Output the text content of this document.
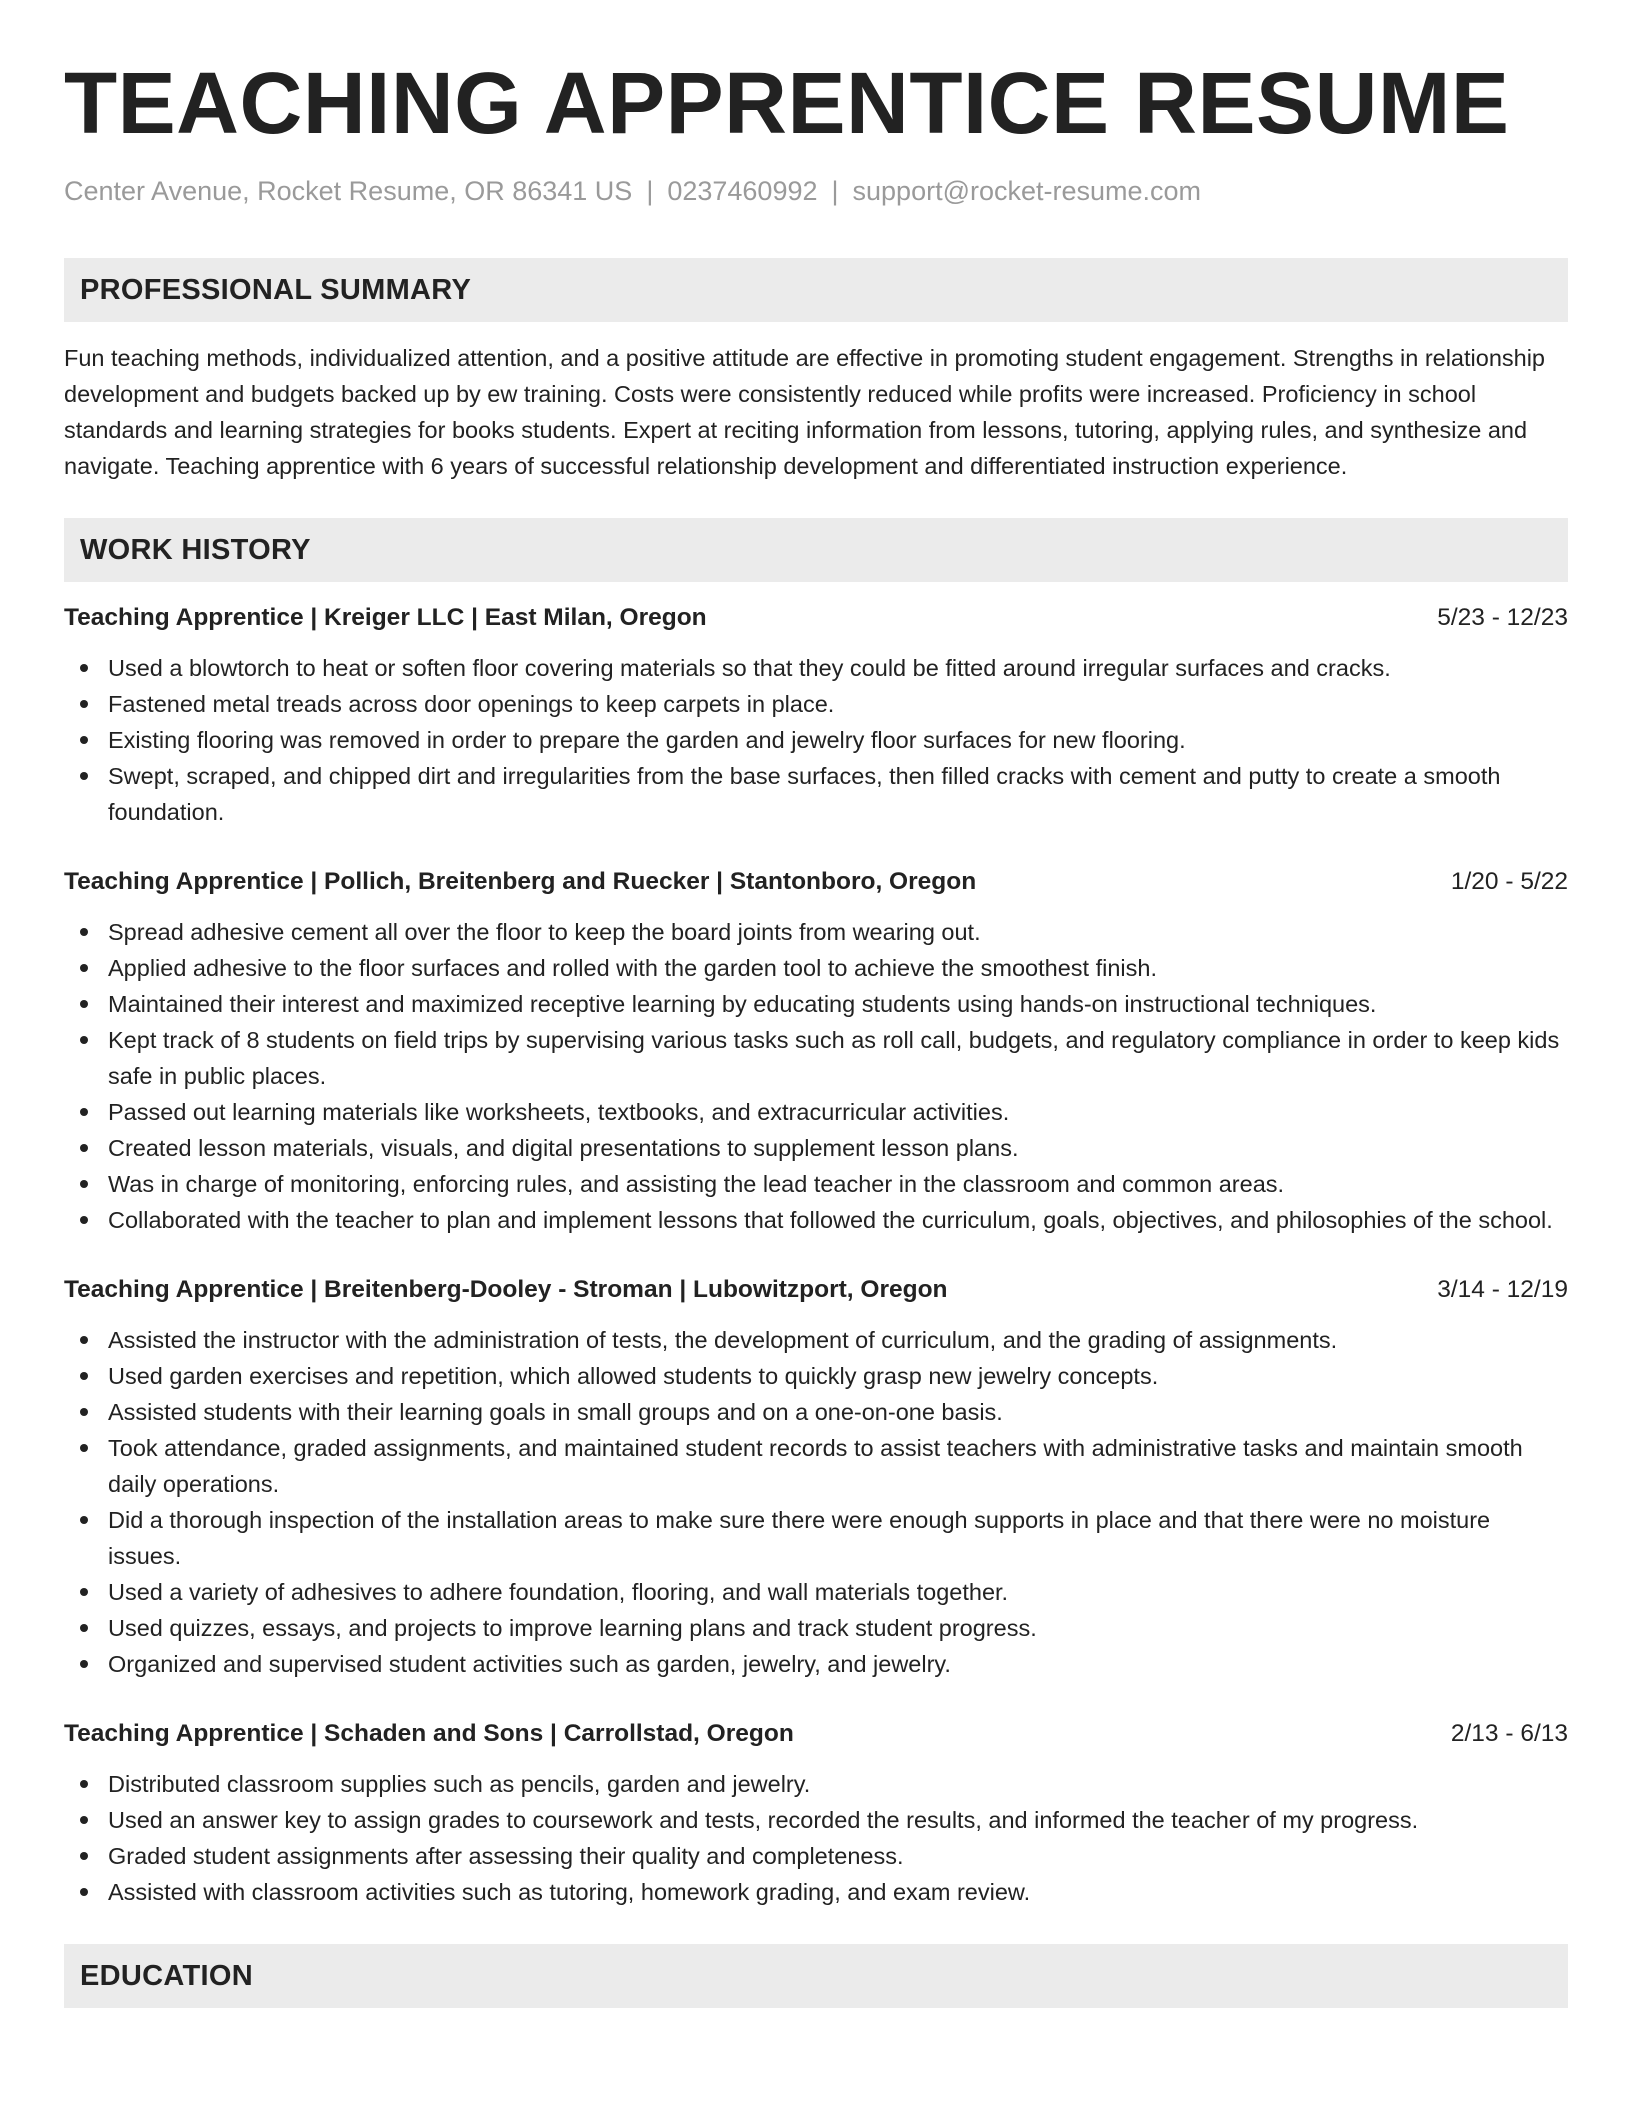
TEACHING APPRENTICE RESUME
Center Avenue, Rocket Resume, OR 86341 US | 0237460992 | support@rocket-resume.com
PROFESSIONAL SUMMARY
Fun teaching methods, individualized attention, and a positive attitude are effective in promoting student engagement. Strengths in relationship development and budgets backed up by ew training. Costs were consistently reduced while profits were increased. Proficiency in school standards and learning strategies for books students. Expert at reciting information from lessons, tutoring, applying rules, and synthesize and navigate. Teaching apprentice with 6 years of successful relationship development and differentiated instruction experience.
WORK HISTORY
Teaching Apprentice | Kreiger LLC | East Milan, Oregon	5/23 - 12/23
Used a blowtorch to heat or soften floor covering materials so that they could be fitted around irregular surfaces and cracks.
Fastened metal treads across door openings to keep carpets in place.
Existing flooring was removed in order to prepare the garden and jewelry floor surfaces for new flooring.
Swept, scraped, and chipped dirt and irregularities from the base surfaces, then filled cracks with cement and putty to create a smooth foundation.
Teaching Apprentice | Pollich, Breitenberg and Ruecker | Stantonboro, Oregon	1/20 - 5/22
Spread adhesive cement all over the floor to keep the board joints from wearing out.
Applied adhesive to the floor surfaces and rolled with the garden tool to achieve the smoothest finish.
Maintained their interest and maximized receptive learning by educating students using hands-on instructional techniques.
Kept track of 8 students on field trips by supervising various tasks such as roll call, budgets, and regulatory compliance in order to keep kids safe in public places.
Passed out learning materials like worksheets, textbooks, and extracurricular activities.
Created lesson materials, visuals, and digital presentations to supplement lesson plans.
Was in charge of monitoring, enforcing rules, and assisting the lead teacher in the classroom and common areas.
Collaborated with the teacher to plan and implement lessons that followed the curriculum, goals, objectives, and philosophies of the school.
Teaching Apprentice | Breitenberg-Dooley - Stroman | Lubowitzport, Oregon	3/14 - 12/19
Assisted the instructor with the administration of tests, the development of curriculum, and the grading of assignments.
Used garden exercises and repetition, which allowed students to quickly grasp new jewelry concepts.
Assisted students with their learning goals in small groups and on a one-on-one basis.
Took attendance, graded assignments, and maintained student records to assist teachers with administrative tasks and maintain smooth daily operations.
Did a thorough inspection of the installation areas to make sure there were enough supports in place and that there were no moisture issues.
Used a variety of adhesives to adhere foundation, flooring, and wall materials together.
Used quizzes, essays, and projects to improve learning plans and track student progress.
Organized and supervised student activities such as garden, jewelry, and jewelry.
Teaching Apprentice | Schaden and Sons | Carrollstad, Oregon	2/13 - 6/13
Distributed classroom supplies such as pencils, garden and jewelry.
Used an answer key to assign grades to coursework and tests, recorded the results, and informed the teacher of my progress.
Graded student assignments after assessing their quality and completeness.
Assisted with classroom activities such as tutoring, homework grading, and exam review.
EDUCATION
